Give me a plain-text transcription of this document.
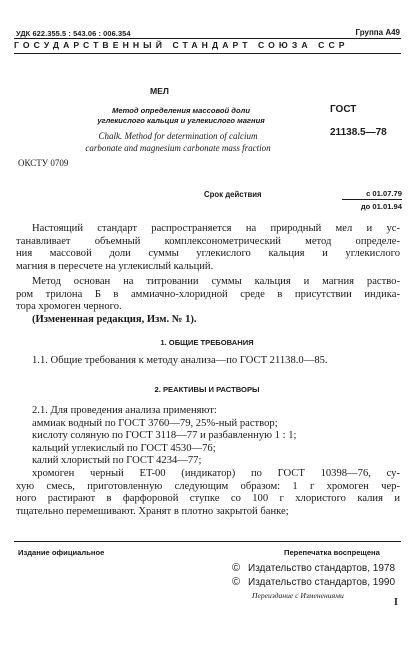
УДК 622.355.5 : 543.06 : 006.354	Группа А49
ГОСУДАРСТВЕННЫЙ СТАНДАРТ СОЮЗА ССР
МЕЛ
Метод определения массовой доли
углекислого кальция и углекислого магния
Chalk. Method for determination of calcium
carbonate and magnesium carbonate mass fraction
ГОСТ
21138.5—78
ОКСТУ 0709
Срок действия	с 01.07.79
до 01.01.94
Настоящий стандарт распространяется на природный мел и ус-
танавливает объемный комплексонометрический метод определе-
ния массовой доли суммы углекислого кальция и углекислого
магния в пересчете на углекислый кальций.
Метод основан на титровании суммы кальция и магния раство-
ром трилона Б в аммиачно-хлоридной среде в присутствии индика-
тора хромоген черного.
(Измененная редакция, Изм. № 1).
1. ОБЩИЕ ТРЕБОВАНИЯ
1.1. Общие требования к методу анализа—по ГОСТ 21138.0—85.
2. РЕАКТИВЫ И РАСТВОРЫ
2.1. Для проведения анализа применяют:
аммиак водный по ГОСТ 3760—79, 25%-ный раствор;
кислоту соляную по ГОСТ 3118—77 и разбавленную 1 : 1;
кальций углекислый по ГОСТ 4530—76;
калий хлористый по ГОСТ 4234—77;
хромоген черный ET-00 (индикатор) по ГОСТ 10398—76, су-
хую смесь, приготовленную следующим образом: 1 г хромоген чер-
ного растирают в фарфоровой ступке со 100 г хлористого калия и
тщательно перемешивают. Хранят в плотно закрытой банке;
Издание официальное	Перепечатка воспрещена
© Издательство стандартов, 1978
© Издательство стандартов, 1990
Переиздание с Изменениями
I
